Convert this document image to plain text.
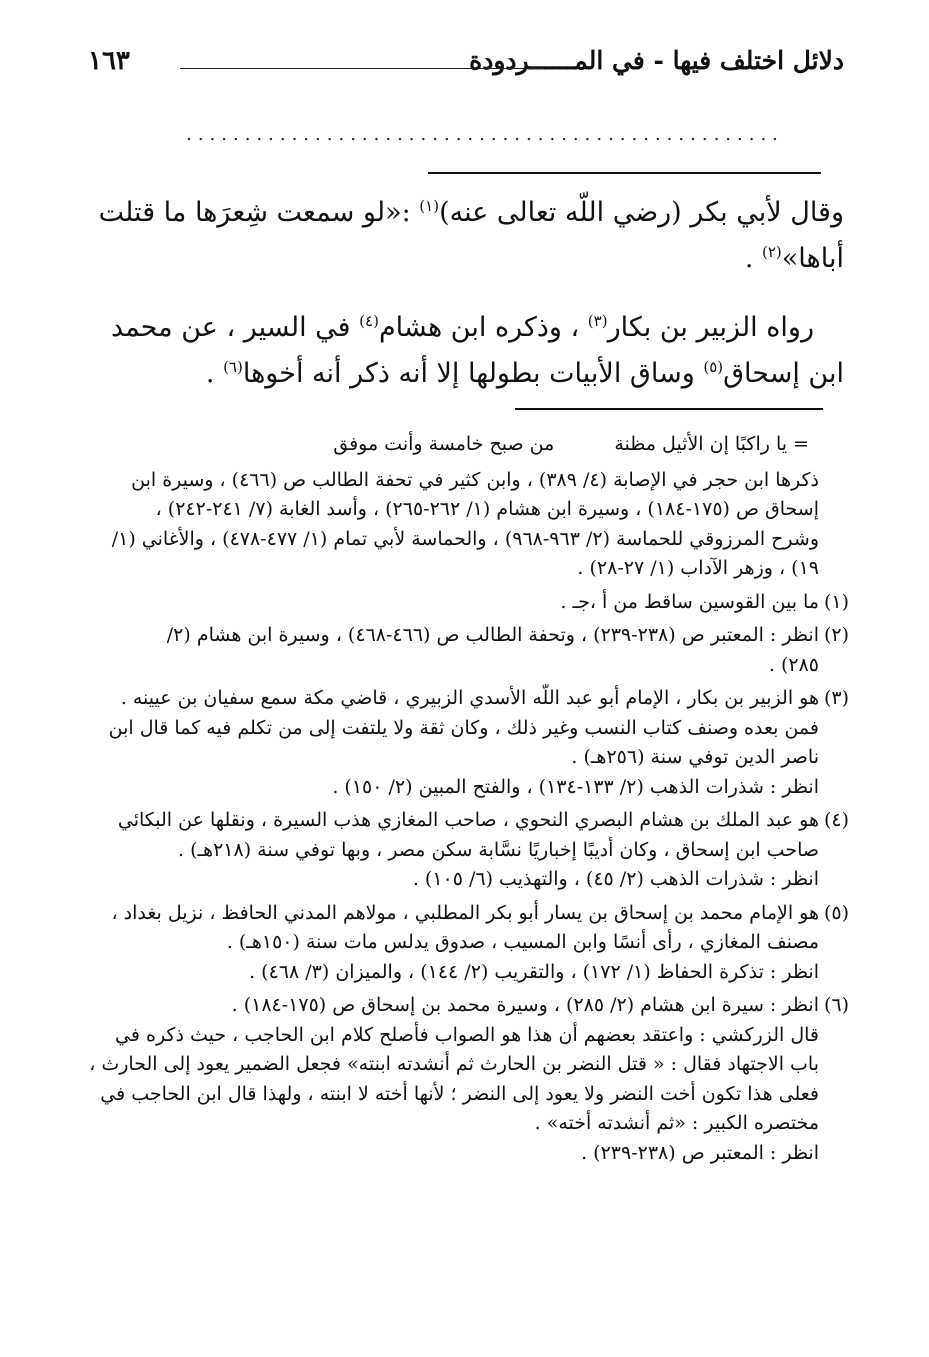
دلائل اختلف فيها - في المــــــردودة
١٦٣
...................................................
وقال لأبي بكر (رضي اللّه تعالى عنه)$^{(١)}$ :«لو سمعت شِعرَها ما قتلت
أباها»$^{(٢)}$ .
رواه الزبير بن بكار$^{(٣)}$ ، وذكره ابن هشام$^{(٤)}$ في السير ، عن محمد
ابن إسحاق$^{(٥)}$ وساق الأبيات بطولها إلا أنه ذكر أنه أخوها$^{(٦)}$ .
= يا راكبًا إن الأثيل مظنةمن صبح خامسة وأنت موفق
ذكرها ابن حجر في الإصابة (٤/ ٣٨٩) ، وابن كثير في تحفة الطالب ص (٤٦٦) ، وسيرة ابن
إسحاق ص (١٧٥-١٨٤) ، وسيرة ابن هشام (١/ ٢٦٢-٢٦٥) ، وأسد الغابة (٧/ ٢٤١-٢٤٢) ،
وشرح المرزوقي للحماسة (٢/ ٩٦٣-٩٦٨) ، والحماسة لأبي تمام (١/ ٤٧٧-٤٧٨) ، والأغاني (١/
١٩) ، وزهر الآداب (١/ ٢٧-٢٨) .
(١)ما بين القوسين ساقط من أ ،جـ .
(٢)انظر : المعتبر ص (٢٣٨-٢٣٩) ، وتحفة الطالب ص (٤٦٦-٤٦٨) ، وسيرة ابن هشام (٢/
٢٨٥) .
(٣)هو الزبير بن بكار ، الإمام أبو عبد اللّه الأسدي الزبيري ، قاضي مكة سمع سفيان بن عيينه .
فمن بعده وصنف كتاب النسب وغير ذلك ، وكان ثقة ولا يلتفت إلى من تكلم فيه كما قال ابن
ناصر الدين توفي سنة (٢٥٦هـ) .
انظر : شذرات الذهب (٢/ ١٣٣-١٣٤) ، والفتح المبين (٢/ ١٥٠) .
(٤)هو عبد الملك بن هشام البصري النحوي ، صاحب المغازي هذب السيرة ، ونقلها عن البكائي
صاحب ابن إسحاق ، وكان أديبًا إخباريًا نسَّابة سكن مصر ، وبها توفي سنة (٢١٨هـ) .
انظر : شذرات الذهب (٢/ ٤٥) ، والتهذيب (٦/ ١٠٥) .
(٥)هو الإمام محمد بن إسحاق بن يسار أبو بكر المطلبي ، مولاهم المدني الحافظ ، نزيل بغداد ،
مصنف المغازي ، رأى أنسًا وابن المسيب ، صدوق يدلس مات سنة (١٥٠هـ) .
انظر : تذكرة الحفاظ (١/ ١٧٢) ، والتقريب (٢/ ١٤٤) ، والميزان (٣/ ٤٦٨) .
(٦)انظر : سيرة ابن هشام (٢/ ٢٨٥) ، وسيرة محمد بن إسحاق ص (١٧٥-١٨٤) .
قال الزركشي : واعتقد بعضهم أن هذا هو الصواب فأصلح كلام ابن الحاجب ، حيث ذكره في
باب الاجتهاد فقال : « قتل النضر بن الحارث ثم أنشدته ابنته» فجعل الضمير يعود إلى الحارث ،
فعلى هذا تكون أخت النضر ولا يعود إلى النضر ؛ لأنها أخته لا ابنته ، ولهذا قال ابن الحاجب في
مختصره الكبير : «ثم أنشدته أخته» .
انظر : المعتبر ص (٢٣٨-٢٣٩) .
